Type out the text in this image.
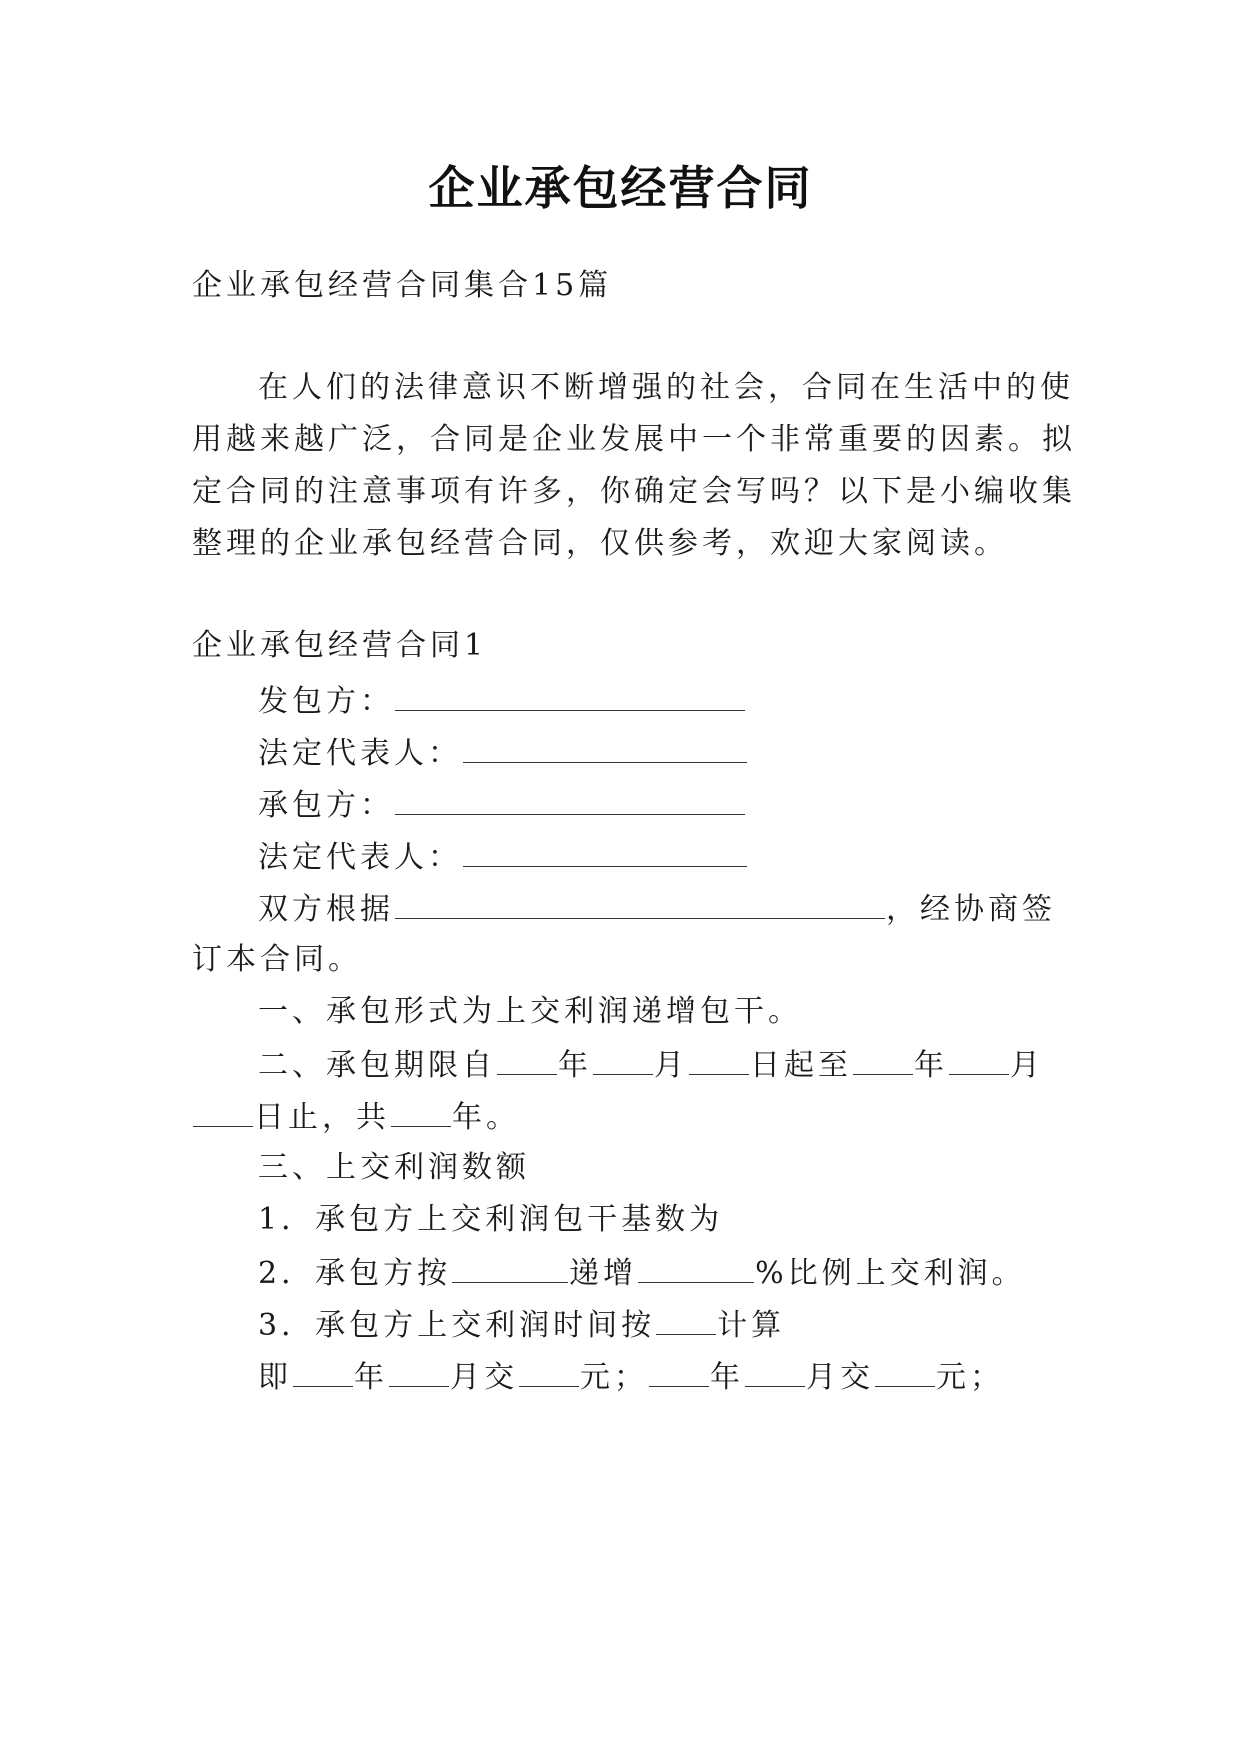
企业承包经营合同
企业承包经营合同集合15篇
在人们的法律意识不断增强的社会，合同在生活中的使
用越来越广泛，合同是企业发展中一个非常重要的因素。拟
定合同的注意事项有许多，你确定会写吗？以下是小编收集
整理的企业承包经营合同，仅供参考，欢迎大家阅读。
企业承包经营合同1
发包方：
法定代表人：
承包方：
法定代表人：
双方根据	，经协商签
订本合同。
一、承包形式为上交利润递增包干。
二、承包期限自 年 月 日起至 年 月
日止，共 年。
三、上交利润数额
1．承包方上交利润包干基数为
2．承包方按	递增	%比例上交利润。
3．承包方上交利润时间按 计算
即 年 月交 元； 年 月交 元；
